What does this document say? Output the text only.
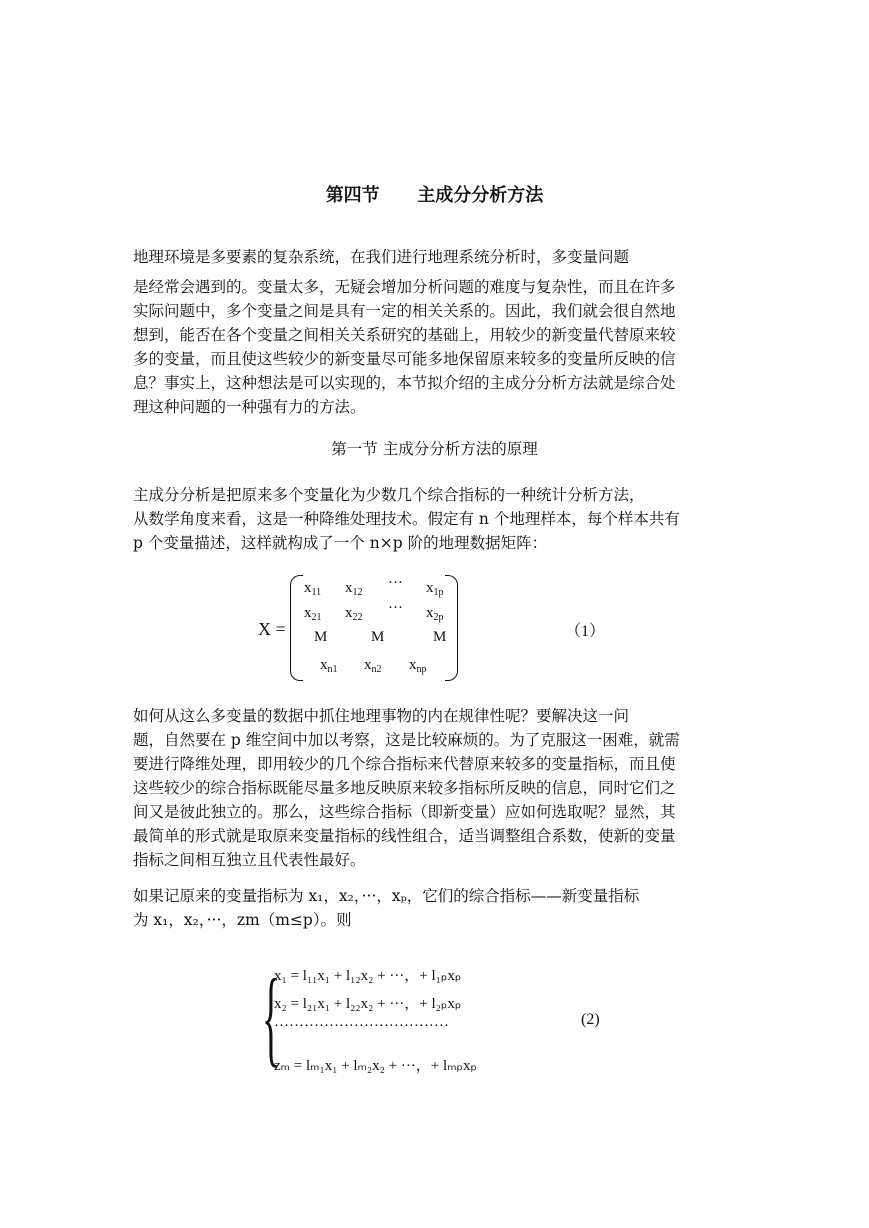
第四节      主成分分析方法
地理环境是多要素的复杂系统，在我们进行地理系统分析时，多变量问题
是经常会遇到的。变量太多，无疑会增加分析问题的难度与复杂性，而且在许多
实际问题中，多个变量之间是具有一定的相关关系的。因此，我们就会很自然地
想到，能否在各个变量之间相关关系研究的基础上，用较少的新变量代替原来较
多的变量，而且使这些较少的新变量尽可能多地保留原来较多的变量所反映的信
息？事实上，这种想法是可以实现的，本节拟介绍的主成分分析方法就是综合处
理这种问题的一种强有力的方法。
第一节 主成分分析方法的原理
主成分分析是把原来多个变量化为少数几个综合指标的一种统计分析方法，
从数学角度来看，这是一种降维处理技术。假定有 n 个地理样本，每个样本共有
p 个变量描述，这样就构成了一个 n×p 阶的地理数据矩阵：
X =
$x_{11}$ $x_{12}$
··· $x_{1p}$
$x_{21}$ $x_{22}$
··· $x_{2p}$
M	M	M
$x_{n1}$ $x_{n2}$ $x_{np}$
（1）
如何从这么多变量的数据中抓住地理事物的内在规律性呢？要解决这一问
题，自然要在 p 维空间中加以考察，这是比较麻烦的。为了克服这一困难，就需
要进行降维处理，即用较少的几个综合指标来代替原来较多的变量指标，而且使
这些较少的综合指标既能尽量多地反映原来较多指标所反映的信息，同时它们之
间又是彼此独立的。那么，这些综合指标（即新变量）应如何选取呢？显然，其
最简单的形式就是取原来变量指标的线性组合，适当调整组合系数，使新的变量
指标之间相互独立且代表性最好。
如果记原来的变量指标为 x₁，x₂，···，xₚ，它们的综合指标——新变量指标
为 x₁，x₂，···，zm（m≤p）。则
{
x₁ = l₁₁x₁ + l₁₂x₂ + ···，+ l₁ₚxₚ
x₂ = l₂₁x₁ + l₂₂x₂ + ···，+ l₂ₚxₚ
···································
zₘ = lₘ₁x₁ + lₘ₂x₂ + ···，+ lₘₚxₚ
(2)
